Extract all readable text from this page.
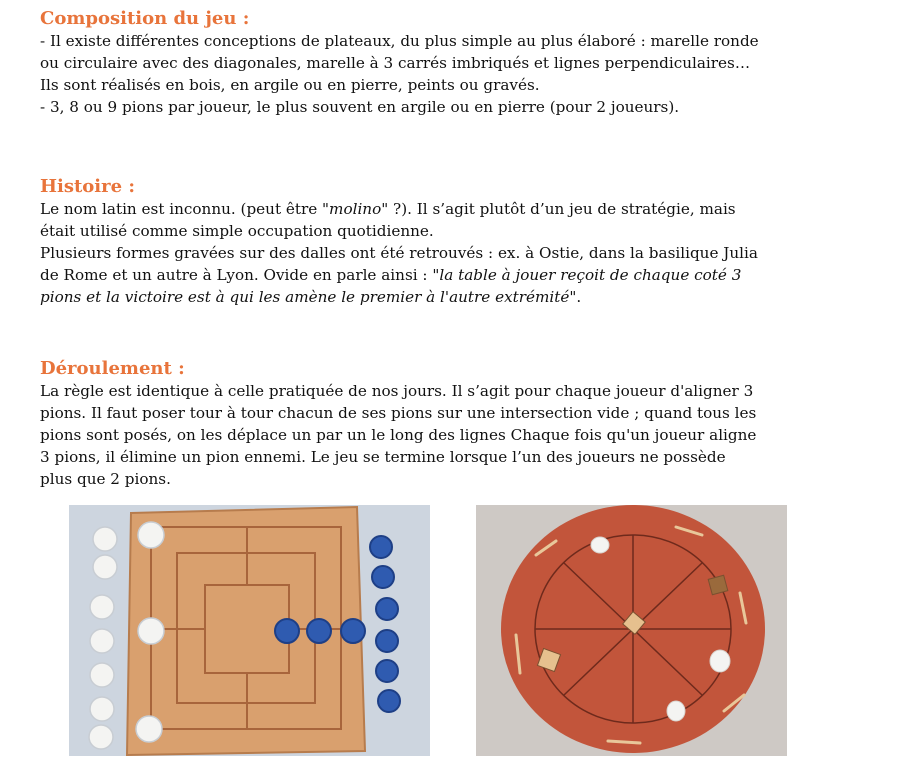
Composition du jeu :

- Il existe différentes conceptions de plateaux, du plus simple au plus élaboré : marelle ronde

ou circulaire avec des diagonales, marelle à 3 carrés imbriqués et lignes perpendiculaires…

Ils sont réalisés en bois, en argile ou en pierre, peints ou gravés.

- 3, 8 ou 9 pions par joueur, le plus souvent en argile ou en pierre (pour 2 joueurs).

Histoire :

Le nom latin est inconnu. (peut être "molino" ?). Il s’agit plutôt d’un jeu de stratégie, mais

était utilisé comme simple occupation quotidienne.

Plusieurs formes gravées sur des dalles ont été retrouvés : ex. à Ostie, dans la basilique Julia

de Rome et un autre à Lyon. Ovide en parle ainsi : "la table à jouer reçoit de chaque coté 3

pions et la victoire est à qui les amène le premier à l'autre extrémité".

Déroulement :

La règle est identique à celle pratiquée de nos jours. Il s’agit pour chaque joueur d'aligner 3

pions. Il faut poser tour à tour chacun de ses pions sur une intersection vide ; quand tous les

pions sont posés, on les déplace un par un le long des lignes Chaque fois qu'un joueur aligne

3 pions, il élimine un pion ennemi. Le jeu se termine lorsque l’un des joueurs ne possède

plus que 2 pions.
